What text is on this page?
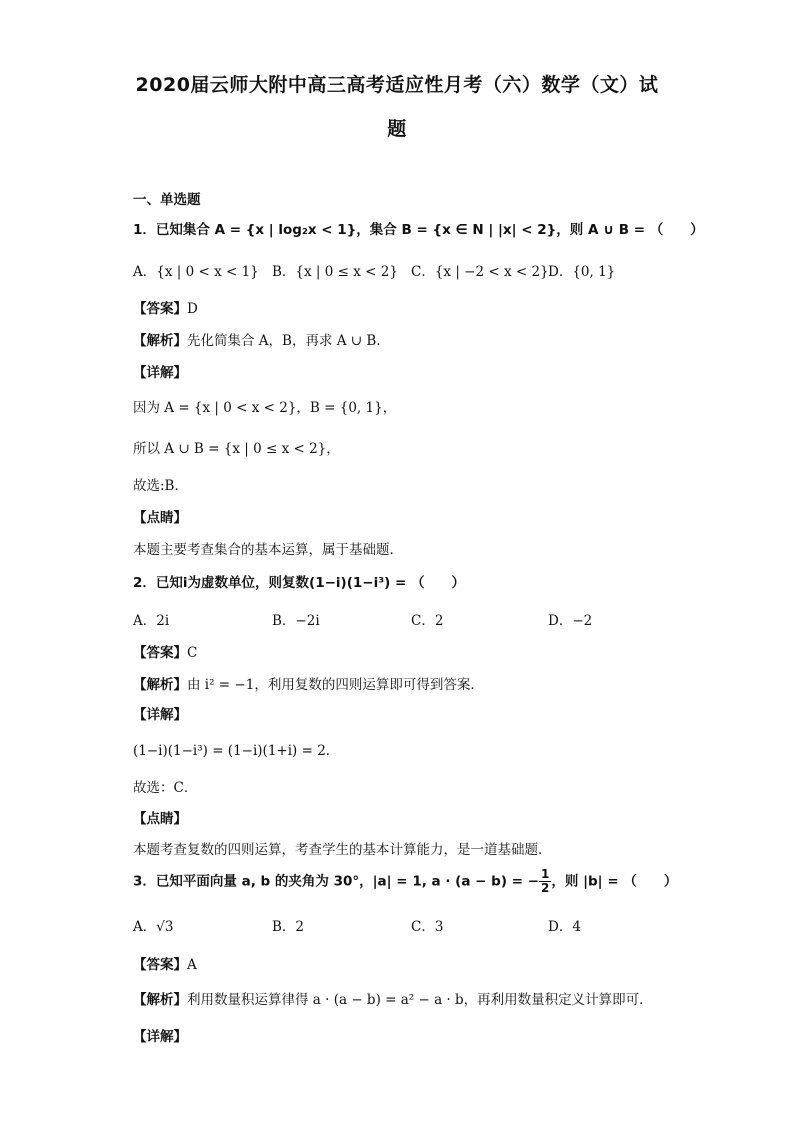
2020届云师大附中高三高考适应性月考（六）数学（文）试
题
一、单选题
1．已知集合 A = {x | log₂x < 1}，集合 B = {x ∈ N | |x| < 2}，则 A ∪ B = （　　）
A．{x | 0 < x < 1} B．{x | 0 ≤ x < 2} C．{x | −2 < x < 2} D．{0, 1}
【答案】D
【解析】先化简集合 A，B，再求 A ∪ B．
【详解】
因为 A = {x | 0 < x < 2}，B = {0, 1}，
所以 A ∪ B = {x | 0 ≤ x < 2}，
故选:B．
【点睛】
本题主要考查集合的基本运算，属于基础题．
2．已知i为虚数单位，则复数(1−i)(1−i³) = （　　）
A．2i	B．−2i	C．2	D．−2
【答案】C
【解析】由 i² = −1，利用复数的四则运算即可得到答案．
【详解】
(1−i)(1−i³) = (1−i)(1+i) = 2．
故选：C．
【点睛】
本题考查复数的四则运算，考查学生的基本计算能力，是一道基础题．
3．已知平面向量 a, b 的夹角为 30°，|a| = 1, a · (a − b) = − $\frac{1}{2}$ ，则 |b| = （　　）
A．√3	B．2	C．3	D．4
【答案】A
【解析】利用数量积运算律得 a · (a − b) = a² − a · b，再利用数量积定义计算即可．
【详解】
